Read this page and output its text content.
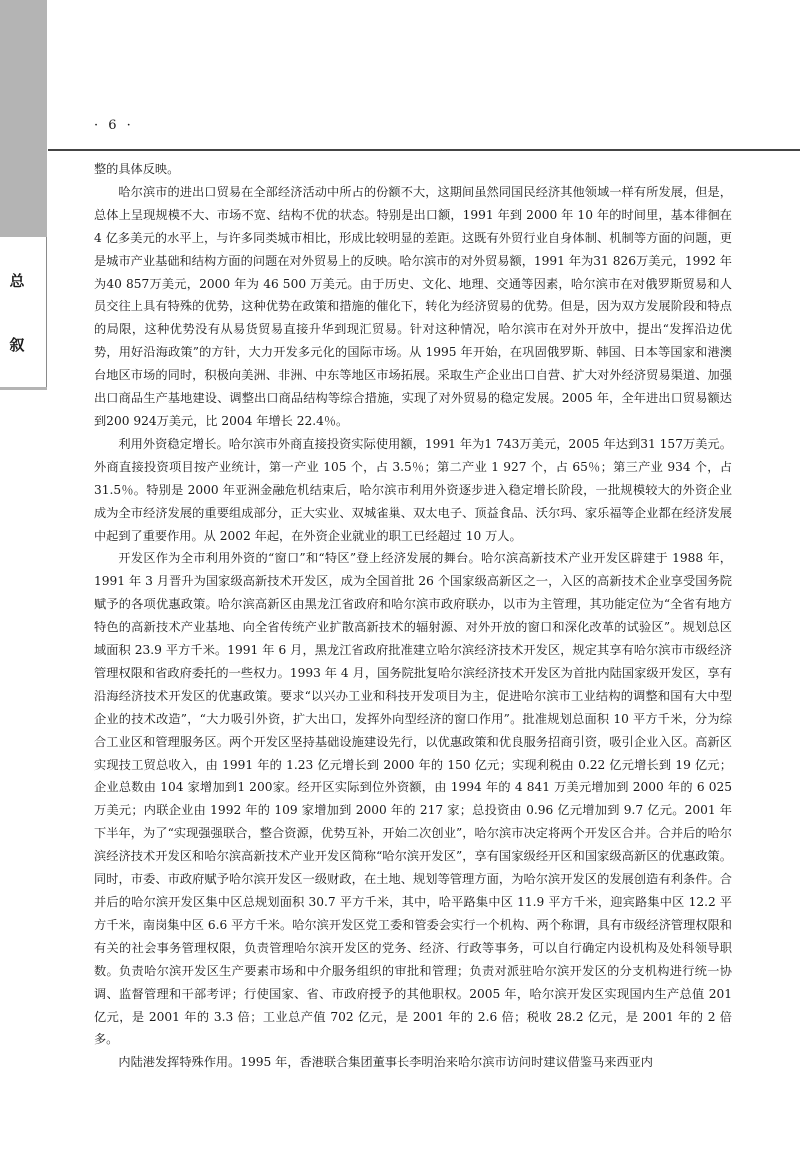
总
叙
· 6 ·

整的具体反映。

哈尔滨市的进出口贸易在全部经济活动中所占的份额不大，这期间虽然同国民经济其他领域一样有所发展，但是，总体上呈现规模不大、市场不宽、结构不优的状态。特别是出口额，1991 年到 2000 年 10 年的时间里，基本徘徊在 4 亿多美元的水平上，与许多同类城市相比，形成比较明显的差距。这既有外贸行业自身体制、机制等方面的问题，更是城市产业基础和结构方面的问题在对外贸易上的反映。哈尔滨市的对外贸易额，1991 年为31 826万美元，1992 年为40 857万美元，2000 年为 46 500 万美元。由于历史、文化、地理、交通等因素，哈尔滨市在对俄罗斯贸易和人员交往上具有特殊的优势，这种优势在政策和措施的催化下，转化为经济贸易的优势。但是，因为双方发展阶段和特点的局限，这种优势没有从易货贸易直接升华到现汇贸易。针对这种情况，哈尔滨市在对外开放中，提出“发挥沿边优势，用好沿海政策”的方针，大力开发多元化的国际市场。从 1995 年开始，在巩固俄罗斯、韩国、日本等国家和港澳台地区市场的同时，积极向美洲、非洲、中东等地区市场拓展。采取生产企业出口自营、扩大对外经济贸易渠道、加强出口商品生产基地建设、调整出口商品结构等综合措施，实现了对外贸易的稳定发展。2005 年，全年进出口贸易额达到200 924万美元，比 2004 年增长 22.4％。

利用外资稳定增长。哈尔滨市外商直接投资实际使用额，1991 年为1 743万美元，2005 年达到31 157万美元。外商直接投资项目按产业统计，第一产业 105 个，占 3.5％；第二产业 1 927 个，占 65％；第三产业 934 个，占 31.5％。特别是 2000 年亚洲金融危机结束后，哈尔滨市利用外资逐步进入稳定增长阶段，一批规模较大的外资企业成为全市经济发展的重要组成部分，正大实业、双城雀巢、双太电子、顶益食品、沃尔玛、家乐福等企业都在经济发展中起到了重要作用。从 2002 年起，在外资企业就业的职工已经超过 10 万人。

开发区作为全市利用外资的“窗口”和“特区”登上经济发展的舞台。哈尔滨高新技术产业开发区辟建于 1988 年，1991 年 3 月晋升为国家级高新技术开发区，成为全国首批 26 个国家级高新区之一，入区的高新技术企业享受国务院赋予的各项优惠政策。哈尔滨高新区由黑龙江省政府和哈尔滨市政府联办，以市为主管理，其功能定位为“全省有地方特色的高新技术产业基地、向全省传统产业扩散高新技术的辐射源、对外开放的窗口和深化改革的试验区”。规划总区域面积 23.9 平方千米。1991 年 6 月，黑龙江省政府批准建立哈尔滨经济技术开发区，规定其享有哈尔滨市市级经济管理权限和省政府委托的一些权力。1993 年 4 月，国务院批复哈尔滨经济技术开发区为首批内陆国家级开发区，享有沿海经济技术开发区的优惠政策。要求“以兴办工业和科技开发项目为主，促进哈尔滨市工业结构的调整和国有大中型企业的技术改造”，“大力吸引外资，扩大出口，发挥外向型经济的窗口作用”。批准规划总面积 10 平方千米，分为综合工业区和管理服务区。两个开发区坚持基础设施建设先行，以优惠政策和优良服务招商引资，吸引企业入区。高新区实现技工贸总收入，由 1991 年的 1.23 亿元增长到 2000 年的 150 亿元；实现利税由 0.22 亿元增长到 19 亿元；企业总数由 104 家增加到1 200家。经开区实际到位外资额，由 1994 年的 4 841 万美元增加到 2000 年的 6 025 万美元；内联企业由 1992 年的 109 家增加到 2000 年的 217 家；总投资由 0.96 亿元增加到 9.7 亿元。2001 年下半年，为了“实现强强联合，整合资源，优势互补，开始二次创业”，哈尔滨市决定将两个开发区合并。合并后的哈尔滨经济技术开发区和哈尔滨高新技术产业开发区简称“哈尔滨开发区”，享有国家级经开区和国家级高新区的优惠政策。同时，市委、市政府赋予哈尔滨开发区一级财政，在土地、规划等管理方面，为哈尔滨开发区的发展创造有利条件。合并后的哈尔滨开发区集中区总规划面积 30.7 平方千米，其中，哈平路集中区 11.9 平方千米，迎宾路集中区 12.2 平方千米，南岗集中区 6.6 平方千米。哈尔滨开发区党工委和管委会实行一个机构、两个称谓，具有市级经济管理权限和有关的社会事务管理权限，负责管理哈尔滨开发区的党务、经济、行政等事务，可以自行确定内设机构及处科领导职数。负责哈尔滨开发区生产要素市场和中介服务组织的审批和管理；负责对派驻哈尔滨开发区的分支机构进行统一协调、监督管理和干部考评；行使国家、省、市政府授予的其他职权。2005 年，哈尔滨开发区实现国内生产总值 201 亿元，是 2001 年的 3.3 倍；工业总产值 702 亿元，是 2001 年的 2.6 倍；税收 28.2 亿元，是 2001 年的 2 倍多。

内陆港发挥特殊作用。1995 年，香港联合集团董事长李明治来哈尔滨市访问时建议借鉴马来西亚内
